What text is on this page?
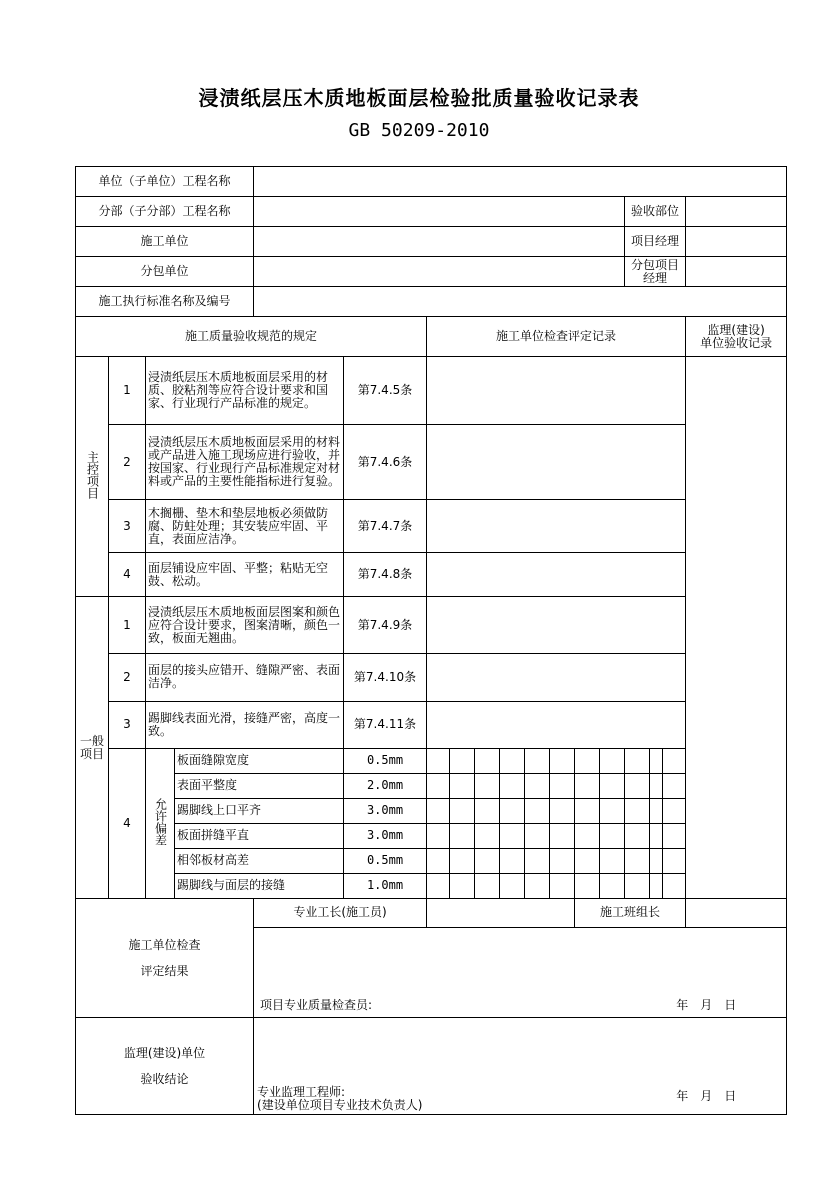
浸渍纸层压木质地板面层检验批质量验收记录表
GB 50209-2010
单位（子单位）工程名称																	
分部（子分部）工程名称														验收部位			
施工单位														项目经理			
分包单位														分包项目经理			
施工执行标准名称及编号																	
施工质量验收规范的规定						施工单位检查评定记录											监理(建设)
单位验收记录
主控项目	1	浸渍纸层压木质地板面层采用的材质、胶粘剂等应符合设计要求和国家、行业现行产品标准的规定。			第7.4.5条												
	2	浸渍纸层压木质地板面层采用的材料或产品进入施工现场应进行验收，并按国家、行业现行产品标准规定对材料或产品的主要性能指标进行复验。			第7.4.6条												
	3	木搁栅、垫木和垫层地板必须做防腐、防蛀处理；其安装应牢固、平直，表面应洁净。			第7.4.7条												
	4	面层铺设应牢固、平整；粘贴无空鼓、松动。			第7.4.8条												
一般
项目	1	浸渍纸层压木质地板面层图案和颜色应符合设计要求，图案清晰，颜色一致，板面无翘曲。			第7.4.9条												
	2	面层的接头应错开、缝隙严密、表面洁净。			第7.4.10条												
	3	踢脚线表面光滑，接缝严密，高度一致。			第7.4.11条												
	4	允许偏差	板面缝隙宽度		0.5mm												
			表面平整度		2.0mm												
			踢脚线上口平齐		3.0mm												
			板面拼缝平直		3.0mm												
			相邻板材高差		0.5mm												
			踢脚线与面层的接缝		1.0mm												
施工单位检查
评定结果				专业工长(施工员)								施工班组长					

				项目专业质量检查员: 年　月　日													

监理(建设)单位
验收结论				专业监理工程师:
(建设单位项目专业技术负责人)
年　月　日													
